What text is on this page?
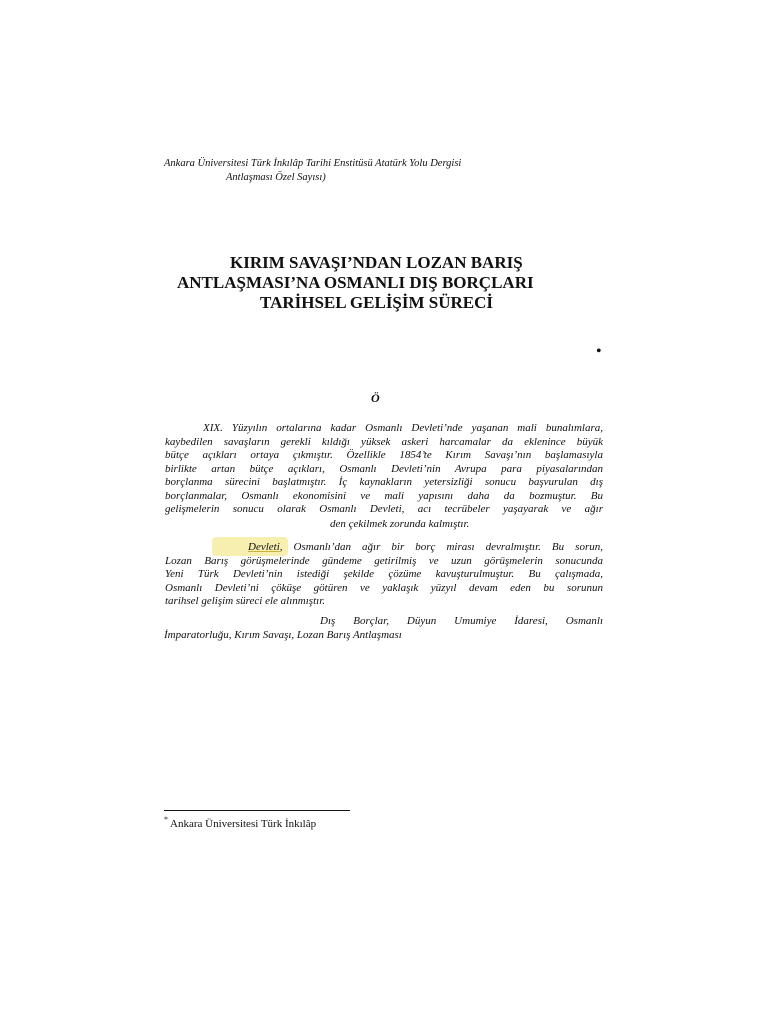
Ankara Üniversitesi Türk İnkılâp Tarihi Enstitüsü Atatürk Yolu Dergisi
Antlaşması Özel Sayısı)
KIRIM SAVAŞI’NDAN LOZAN BARIŞ
ANTLAŞMASI’NA OSMANLI DIŞ BORÇLARI
TARİHSEL GELİŞİM SÜRECİ
•
Ö
XIX. Yüzyılın ortalarına kadar Osmanlı Devleti’nde yaşanan mali bunalımlara,
kaybedilen savaşların gerekli kıldığı yüksek askeri harcamalar da eklenince büyük
bütçe açıkları ortaya çıkmıştır. Özellikle 1854’te Kırım Savaşı’nın başlamasıyla
birlikte artan bütçe açıkları, Osmanlı Devleti’nin Avrupa para piyasalarından
borçlanma sürecini başlatmıştır. İç kaynakların yetersizliği sonucu başvurulan dış
borçlanmalar, Osmanlı ekonomisini ve mali yapısını daha da bozmuştur. Bu
gelişmelerin sonucu olarak Osmanlı Devleti, acı tecrübeler yaşayarak ve ağır
den çekilmek zorunda kalmıştır.
Devleti, Osmanlı’dan ağır bir borç mirası devralmıştır. Bu sorun,
Lozan Barış görüşmelerinde gündeme getirilmiş ve uzun görüşmelerin sonucunda
Yeni Türk Devleti’nin istediği şekilde çözüme kavuşturulmuştur. Bu çalışmada,
Osmanlı Devleti’ni çöküşe götüren ve yaklaşık yüzyıl devam eden bu sorunun
tarihsel gelişim süreci ele alınmıştır.
Dış Borçlar, Düyun Umumiye İdaresi, Osmanlı
İmparatorluğu, Kırım Savaşı, Lozan Barış Antlaşması
* Ankara Üniversitesi Türk İnkılâp
